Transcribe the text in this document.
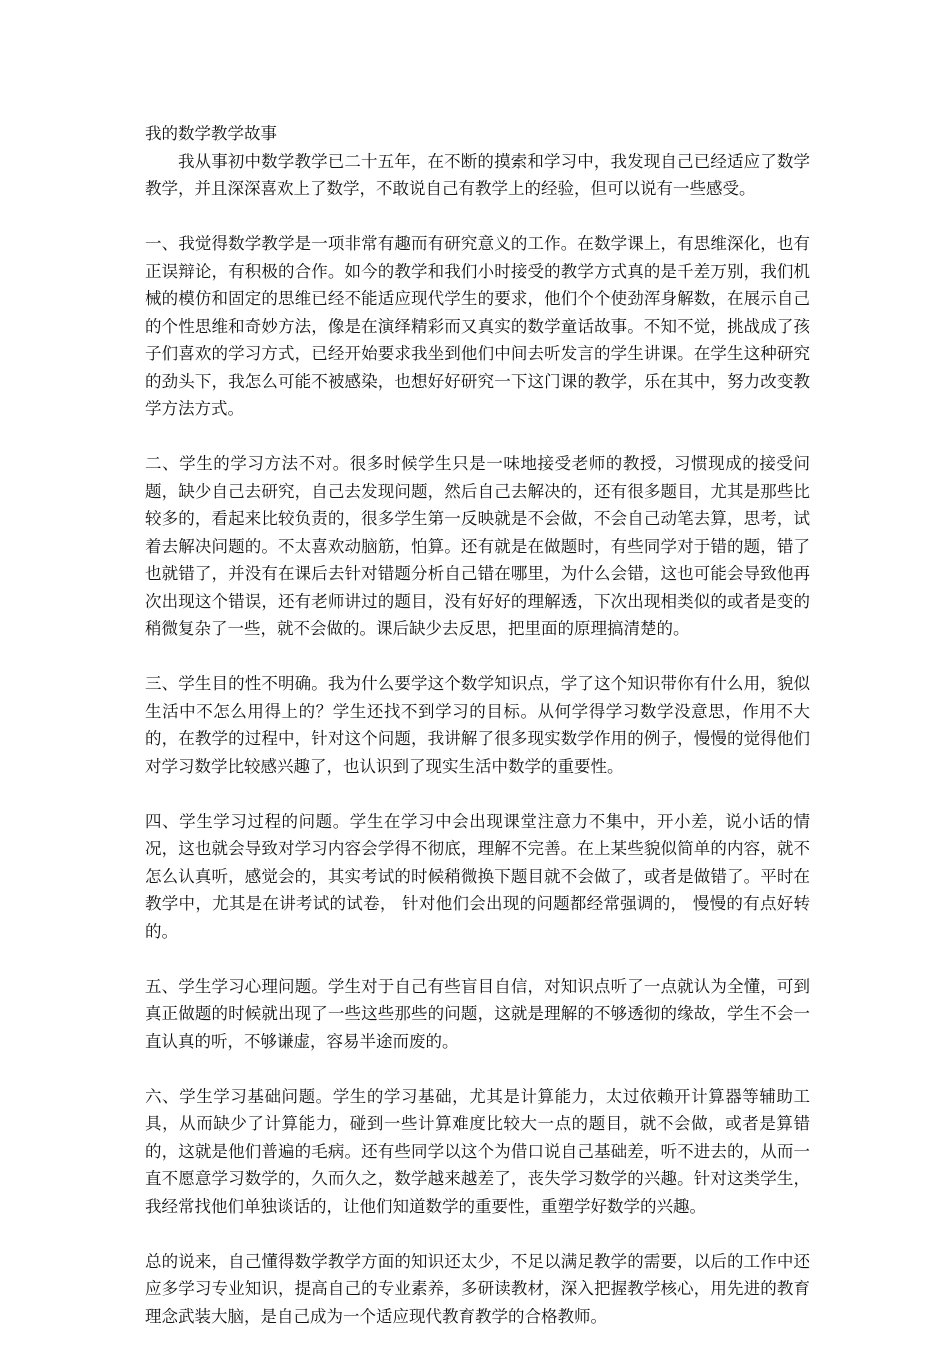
我的数学教学故事

我从事初中数学教学已二十五年，在不断的摸索和学习中，我发现自己已经适应了数学教学，并且深深喜欢上了数学，不敢说自己有教学上的经验，但可以说有一些感受。

一、我觉得数学教学是一项非常有趣而有研究意义的工作。在数学课上，有思维深化，也有正误辩论，有积极的合作。如今的教学和我们小时接受的教学方式真的是千差万别，我们机械的模仿和固定的思维已经不能适应现代学生的要求，他们个个使劲浑身解数，在展示自己的个性思维和奇妙方法，像是在演绎精彩而又真实的数学童话故事。不知不觉，挑战成了孩子们喜欢的学习方式，已经开始要求我坐到他们中间去听发言的学生讲课。在学生这种研究的劲头下，我怎么可能不被感染，也想好好研究一下这门课的教学，乐在其中，努力改变教学方法方式。

二、学生的学习方法不对。很多时候学生只是一味地接受老师的教授，习惯现成的接受问题，缺少自己去研究，自己去发现问题，然后自己去解决的，还有很多题目，尤其是那些比较多的，看起来比较负责的，很多学生第一反映就是不会做，不会自己动笔去算，思考，试着去解决问题的。不太喜欢动脑筋，怕算。还有就是在做题时，有些同学对于错的题，错了也就错了，并没有在课后去针对错题分析自己错在哪里，为什么会错，这也可能会导致他再次出现这个错误，还有老师讲过的题目，没有好好的理解透，下次出现相类似的或者是变的稍微复杂了一些，就不会做的。课后缺少去反思，把里面的原理搞清楚的。

三、学生目的性不明确。我为什么要学这个数学知识点，学了这个知识带你有什么用，貌似生活中不怎么用得上的？学生还找不到学习的目标。从何学得学习数学没意思，作用不大的，在教学的过程中，针对这个问题，我讲解了很多现实数学作用的例子，慢慢的觉得他们对学习数学比较感兴趣了，也认识到了现实生活中数学的重要性。

四、学生学习过程的问题。学生在学习中会出现课堂注意力不集中，开小差，说小话的情况，这也就会导致对学习内容会学得不彻底，理解不完善。在上某些貌似简单的内容，就不怎么认真听，感觉会的，其实考试的时候稍微换下题目就不会做了，或者是做错了。平时在教学中，尤其是在讲考试的试卷， 针对他们会出现的问题都经常强调的， 慢慢的有点好转的。

五、学生学习心理问题。学生对于自己有些盲目自信，对知识点听了一点就认为全懂，可到真正做题的时候就出现了一些这些那些的问题，这就是理解的不够透彻的缘故，学生不会一直认真的听，不够谦虚，容易半途而废的。

六、学生学习基础问题。学生的学习基础，尤其是计算能力，太过依赖开计算器等辅助工具，从而缺少了计算能力，碰到一些计算难度比较大一点的题目，就不会做，或者是算错的，这就是他们普遍的毛病。还有些同学以这个为借口说自己基础差，听不进去的，从而一直不愿意学习数学的，久而久之，数学越来越差了，丧失学习数学的兴趣。针对这类学生，我经常找他们单独谈话的，让他们知道数学的重要性，重塑学好数学的兴趣。

总的说来，自己懂得数学教学方面的知识还太少，不足以满足教学的需要，以后的工作中还应多学习专业知识，提高自己的专业素养，多研读教材，深入把握教学核心，用先进的教育理念武装大脑，是自己成为一个适应现代教育教学的合格教师。
